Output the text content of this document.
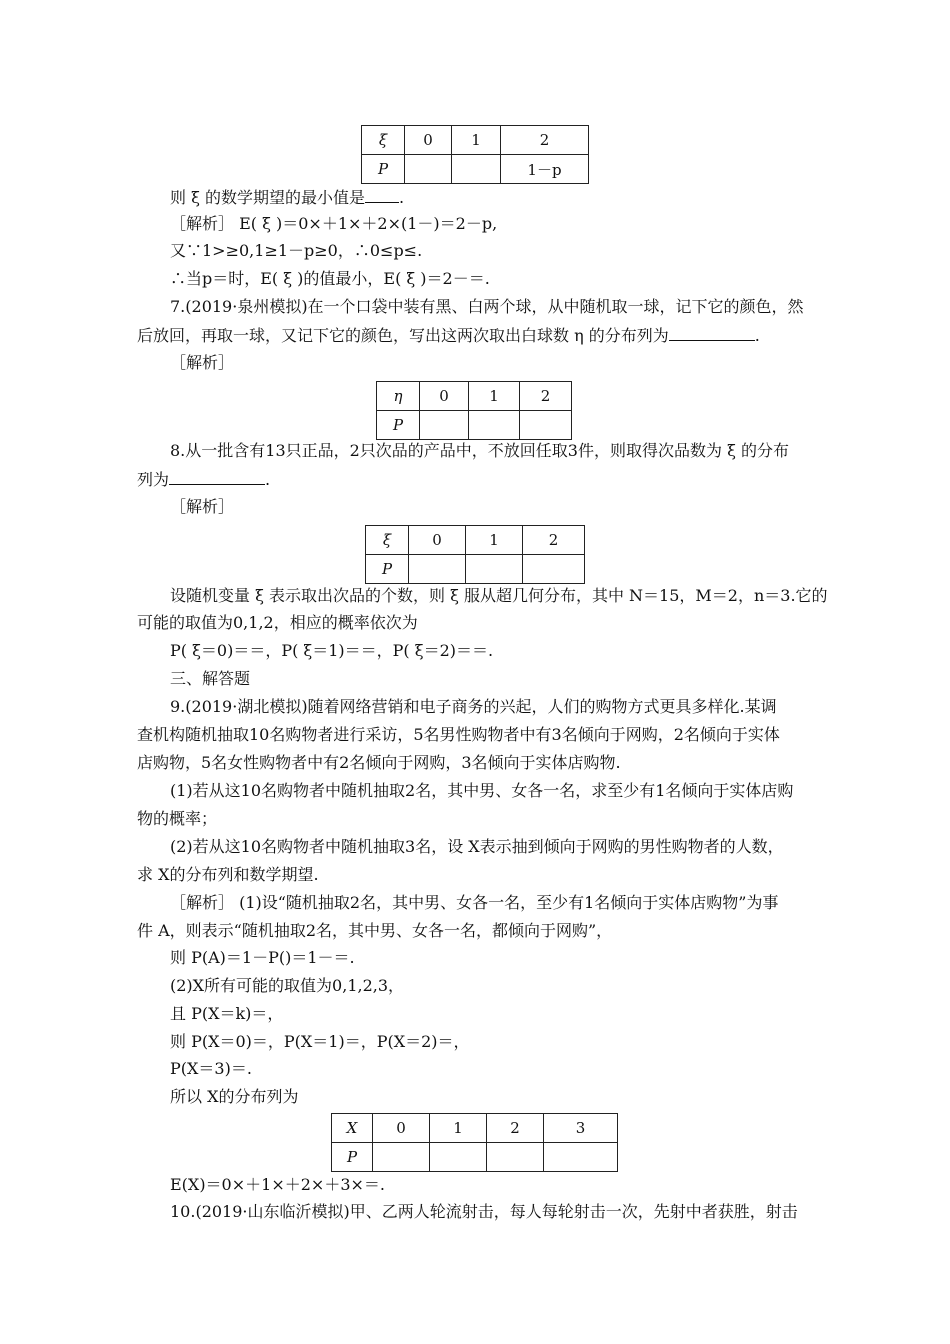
ξ	0	1	2
P			1－p
则 ξ 的数学期望的最小值是 .
［解析］ E( ξ )＝0×＋1×＋2×(1－)＝2－p,
又∵1>≥0,1≥1－p≥0，∴0≤p≤.
∴当p＝时，E( ξ )的值最小，E( ξ )＝2－＝.
7.(2019·泉州模拟)在一个口袋中装有黑、白两个球，从中随机取一球，记下它的颜色，然
后放回，再取一球，又记下它的颜色，写出这两次取出白球数 η 的分布列为	.
［解析］
η	0	1	2
P			
8.从一批含有13只正品，2只次品的产品中，不放回任取3件，则取得次品数为 ξ 的分布
列为	.
［解析］
ξ	0	1	2
P			
设随机变量 ξ 表示取出次品的个数，则 ξ 服从超几何分布，其中 N＝15，M＝2，n＝3.它的
可能的取值为0,1,2，相应的概率依次为
P( ξ＝0)＝＝，P( ξ＝1)＝＝，P( ξ＝2)＝＝.
三、解答题
9.(2019·湖北模拟)随着网络营销和电子商务的兴起，人们的购物方式更具多样化.某调
查机构随机抽取10名购物者进行采访，5名男性购物者中有3名倾向于网购，2名倾向于实体
店购物，5名女性购物者中有2名倾向于网购，3名倾向于实体店购物.
(1)若从这10名购物者中随机抽取2名，其中男、女各一名，求至少有1名倾向于实体店购
物的概率；
(2)若从这10名购物者中随机抽取3名，设 X表示抽到倾向于网购的男性购物者的人数，
求 X的分布列和数学期望.
［解析］ (1)设“随机抽取2名，其中男、女各一名，至少有1名倾向于实体店购物”为事
件 A，则表示“随机抽取2名，其中男、女各一名，都倾向于网购”，
则 P(A)＝1－P()＝1－＝.
(2)X所有可能的取值为0,1,2,3，
且 P(X＝k)＝，
则 P(X＝0)＝，P(X＝1)＝，P(X＝2)＝，
P(X＝3)＝.
所以 X的分布列为
X	0	1	2	3
P				
E(X)＝0×＋1×＋2×＋3×＝.
10.(2019·山东临沂模拟)甲、乙两人轮流射击，每人每轮射击一次，先射中者获胜，射击
